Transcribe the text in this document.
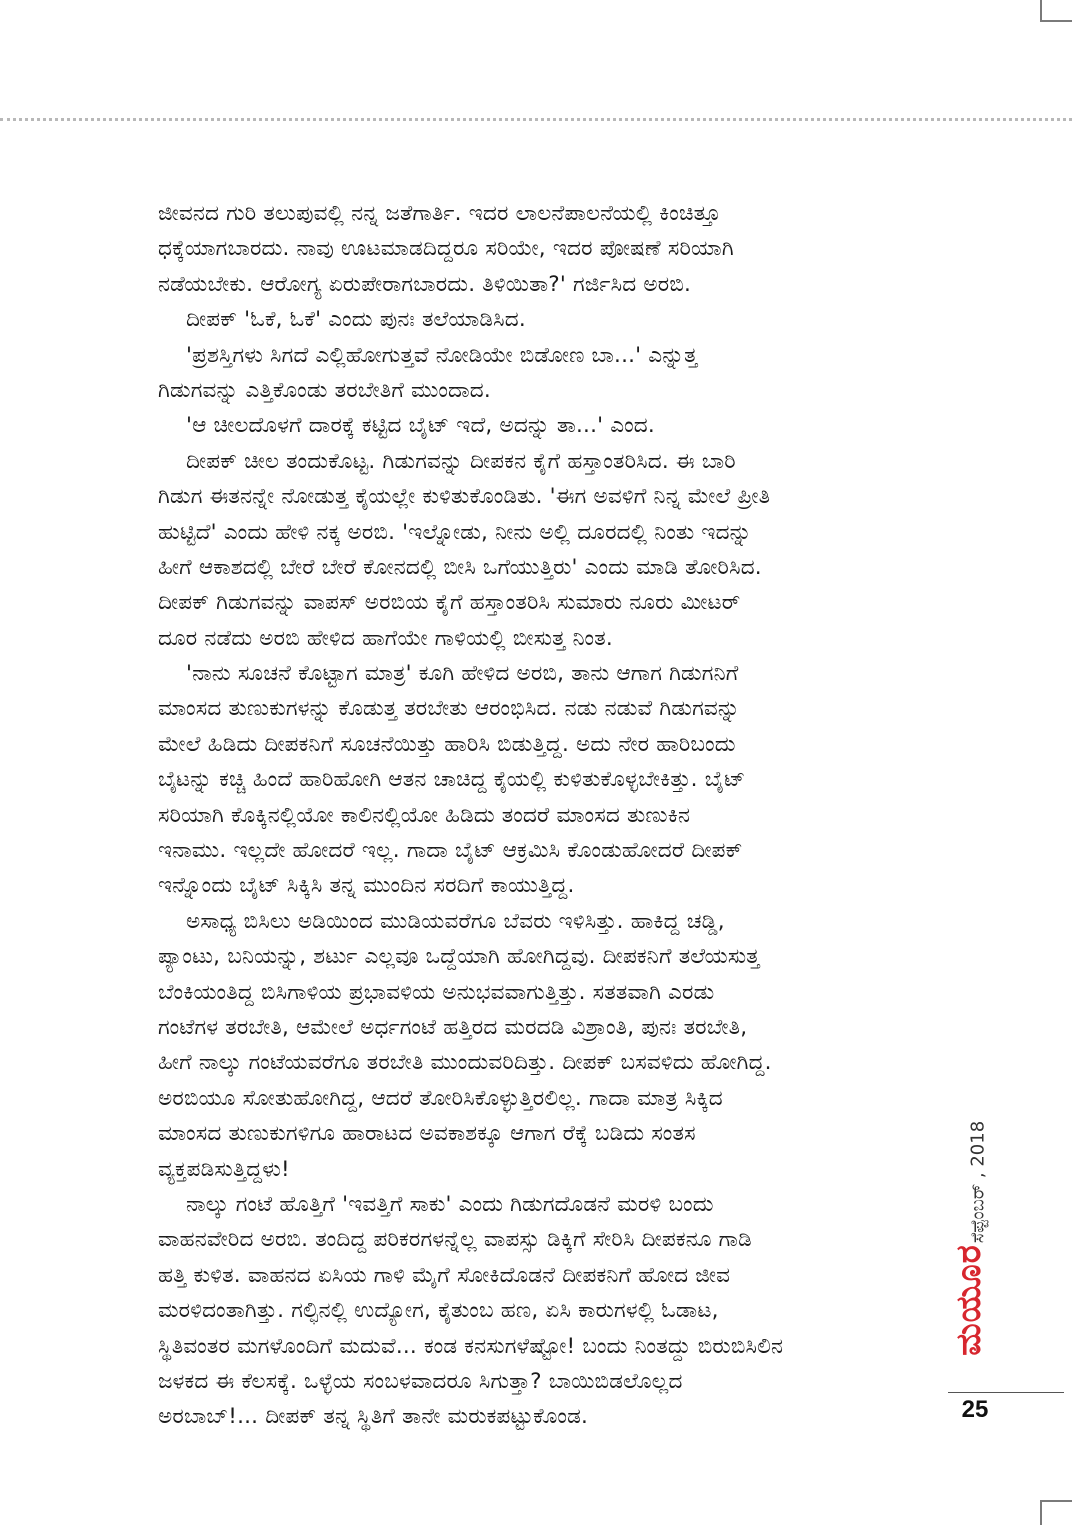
ಜೀವನದ ಗುರಿ ತಲುಪುವಲ್ಲಿ ನನ್ನ ಜತೆಗಾರ್ತಿ. ಇದರ ಲಾಲನೆಪಾಲನೆಯಲ್ಲಿ ಕಿಂಚಿತ್ತೂ
ಧಕ್ಕೆಯಾಗಬಾರದು. ನಾವು ಊಟಮಾಡದಿದ್ದರೂ ಸರಿಯೇ, ಇದರ ಪೋಷಣೆ ಸರಿಯಾಗಿ
ನಡೆಯಬೇಕು. ಆರೋಗ್ಯ ಏರುಪೇರಾಗಬಾರದು. ತಿಳಿಯಿತಾ?' ಗರ್ಜಿಸಿದ ಅರಬಿ.
ದೀಪಕ್ 'ಓಕೆ, ಓಕೆ' ಎಂದು ಪುನಃ ತಲೆಯಾಡಿಸಿದ.
'ಪ್ರಶಸ್ತಿಗಳು ಸಿಗದೆ ಎಲ್ಲಿಹೋಗುತ್ತವೆ ನೋಡಿಯೇ ಬಿಡೋಣ ಬಾ...' ಎನ್ನುತ್ತ
ಗಿಡುಗವನ್ನು ಎತ್ತಿಕೊಂಡು ತರಬೇತಿಗೆ ಮುಂದಾದ.
'ಆ ಚೀಲದೊಳಗೆ ದಾರಕ್ಕೆ ಕಟ್ಟಿದ ಬೈಟ್ ಇದೆ, ಅದನ್ನು ತಾ...' ಎಂದ.
ದೀಪಕ್ ಚೀಲ ತಂದುಕೊಟ್ಟ. ಗಿಡುಗವನ್ನು ದೀಪಕನ ಕೈಗೆ ಹಸ್ತಾಂತರಿಸಿದ. ಈ ಬಾರಿ
ಗಿಡುಗ ಈತನನ್ನೇ ನೋಡುತ್ತ ಕೈಯಲ್ಲೇ ಕುಳಿತುಕೊಂಡಿತು. 'ಈಗ ಅವಳಿಗೆ ನಿನ್ನ ಮೇಲೆ ಪ್ರೀತಿ
ಹುಟ್ಟಿದೆ' ಎಂದು ಹೇಳಿ ನಕ್ಕ ಅರಬಿ. 'ಇಲ್ನೋಡು, ನೀನು ಅಲ್ಲಿ ದೂರದಲ್ಲಿ ನಿಂತು ಇದನ್ನು
ಹೀಗೆ ಆಕಾಶದಲ್ಲಿ ಬೇರೆ ಬೇರೆ ಕೋನದಲ್ಲಿ ಬೀಸಿ ಒಗೆಯುತ್ತಿರು' ಎಂದು ಮಾಡಿ ತೋರಿಸಿದ.
ದೀಪಕ್ ಗಿಡುಗವನ್ನು ವಾಪಸ್ ಅರಬಿಯ ಕೈಗೆ ಹಸ್ತಾಂತರಿಸಿ ಸುಮಾರು ನೂರು ಮೀಟರ್
ದೂರ ನಡೆದು ಅರಬಿ ಹೇಳಿದ ಹಾಗೆಯೇ ಗಾಳಿಯಲ್ಲಿ ಬೀಸುತ್ತ ನಿಂತ.
'ನಾನು ಸೂಚನೆ ಕೊಟ್ಟಾಗ ಮಾತ್ರ' ಕೂಗಿ ಹೇಳಿದ ಅರಬಿ, ತಾನು ಆಗಾಗ ಗಿಡುಗನಿಗೆ
ಮಾಂಸದ ತುಣುಕುಗಳನ್ನು ಕೊಡುತ್ತ ತರಬೇತು ಆರಂಭಿಸಿದ. ನಡು ನಡುವೆ ಗಿಡುಗವನ್ನು
ಮೇಲೆ ಹಿಡಿದು ದೀಪಕನಿಗೆ ಸೂಚನೆಯಿತ್ತು ಹಾರಿಸಿ ಬಿಡುತ್ತಿದ್ದ. ಅದು ನೇರ ಹಾರಿಬಂದು
ಬೈಟನ್ನು ಕಚ್ಚಿ ಹಿಂದೆ ಹಾರಿಹೋಗಿ ಆತನ ಚಾಚಿದ್ದ ಕೈಯಲ್ಲಿ ಕುಳಿತುಕೊಳ್ಳಬೇಕಿತ್ತು. ಬೈಟ್
ಸರಿಯಾಗಿ ಕೊಕ್ಕಿನಲ್ಲಿಯೋ ಕಾಲಿನಲ್ಲಿಯೋ ಹಿಡಿದು ತಂದರೆ ಮಾಂಸದ ತುಣುಕಿನ
ಇನಾಮು. ಇಲ್ಲದೇ ಹೋದರೆ ಇಲ್ಲ. ಗಾದಾ ಬೈಟ್ ಆಕ್ರಮಿಸಿ ಕೊಂಡುಹೋದರೆ ದೀಪಕ್
ಇನ್ನೊಂದು ಬೈಟ್ ಸಿಕ್ಕಿಸಿ ತನ್ನ ಮುಂದಿನ ಸರದಿಗೆ ಕಾಯುತ್ತಿದ್ದ.
ಅಸಾಧ್ಯ ಬಿಸಿಲು ಅಡಿಯಿಂದ ಮುಡಿಯವರೆಗೂ ಬೆವರು ಇಳಿಸಿತ್ತು. ಹಾಕಿದ್ದ ಚಡ್ಡಿ,
ಪ್ಯಾಂಟು, ಬನಿಯನ್ನು, ಶರ್ಟು ಎಲ್ಲವೂ ಒದ್ದೆಯಾಗಿ ಹೋಗಿದ್ದವು. ದೀಪಕನಿಗೆ ತಲೆಯಸುತ್ತ
ಬೆಂಕಿಯಂತಿದ್ದ ಬಿಸಿಗಾಳಿಯ ಪ್ರಭಾವಳಿಯ ಅನುಭವವಾಗುತ್ತಿತ್ತು. ಸತತವಾಗಿ ಎರಡು
ಗಂಟೆಗಳ ತರಬೇತಿ, ಆಮೇಲೆ ಅರ್ಧಗಂಟೆ ಹತ್ತಿರದ ಮರದಡಿ ವಿಶ್ರಾಂತಿ, ಪುನಃ ತರಬೇತಿ,
ಹೀಗೆ ನಾಲ್ಕು ಗಂಟೆಯವರೆಗೂ ತರಬೇತಿ ಮುಂದುವರಿದಿತ್ತು. ದೀಪಕ್ ಬಸವಳಿದು ಹೋಗಿದ್ದ.
ಅರಬಿಯೂ ಸೋತುಹೋಗಿದ್ದ, ಆದರೆ ತೋರಿಸಿಕೊಳ್ಳುತ್ತಿರಲಿಲ್ಲ. ಗಾದಾ ಮಾತ್ರ ಸಿಕ್ಕಿದ
ಮಾಂಸದ ತುಣುಕುಗಳಿಗೂ ಹಾರಾಟದ ಅವಕಾಶಕ್ಕೂ ಆಗಾಗ ರೆಕ್ಕೆ ಬಡಿದು ಸಂತಸ
ವ್ಯಕ್ತಪಡಿಸುತ್ತಿದ್ದಳು!
ನಾಲ್ಕು ಗಂಟೆ ಹೊತ್ತಿಗೆ 'ಇವತ್ತಿಗೆ ಸಾಕು' ಎಂದು ಗಿಡುಗದೊಡನೆ ಮರಳಿ ಬಂದು
ವಾಹನವೇರಿದ ಅರಬಿ. ತಂದಿದ್ದ ಪರಿಕರಗಳನ್ನೆಲ್ಲ ವಾಪಸ್ಸು ಡಿಕ್ಕಿಗೆ ಸೇರಿಸಿ ದೀಪಕನೂ ಗಾಡಿ
ಹತ್ತಿ ಕುಳಿತ. ವಾಹನದ ಏಸಿಯ ಗಾಳಿ ಮೈಗೆ ಸೋಕಿದೊಡನೆ ದೀಪಕನಿಗೆ ಹೋದ ಜೀವ
ಮರಳಿದಂತಾಗಿತ್ತು. ಗಲ್ಫಿನಲ್ಲಿ ಉದ್ಯೋಗ, ಕೈತುಂಬ ಹಣ, ಏಸಿ ಕಾರುಗಳಲ್ಲಿ ಓಡಾಟ,
ಸ್ಥಿತಿವಂತರ ಮಗಳೊಂದಿಗೆ ಮದುವೆ... ಕಂಡ ಕನಸುಗಳೆಷ್ಟೋ! ಬಂದು ನಿಂತದ್ದು ಬಿರುಬಿಸಿಲಿನ
ಜಳಕದ ಈ ಕೆಲಸಕ್ಕೆ. ಒಳ್ಳೆಯ ಸಂಬಳವಾದರೂ ಸಿಗುತ್ತಾ? ಬಾಯಿಬಿಡಲೊಲ್ಲದ
ಅರಬಾಬ್!... ದೀಪಕ್ ತನ್ನ ಸ್ಥಿತಿಗೆ ತಾನೇ ಮರುಕಪಟ್ಟುಕೊಂಡ.
ಸೆಪ್ಟೆಂಬರ್ , 2018
ಮಯೂರ
25
